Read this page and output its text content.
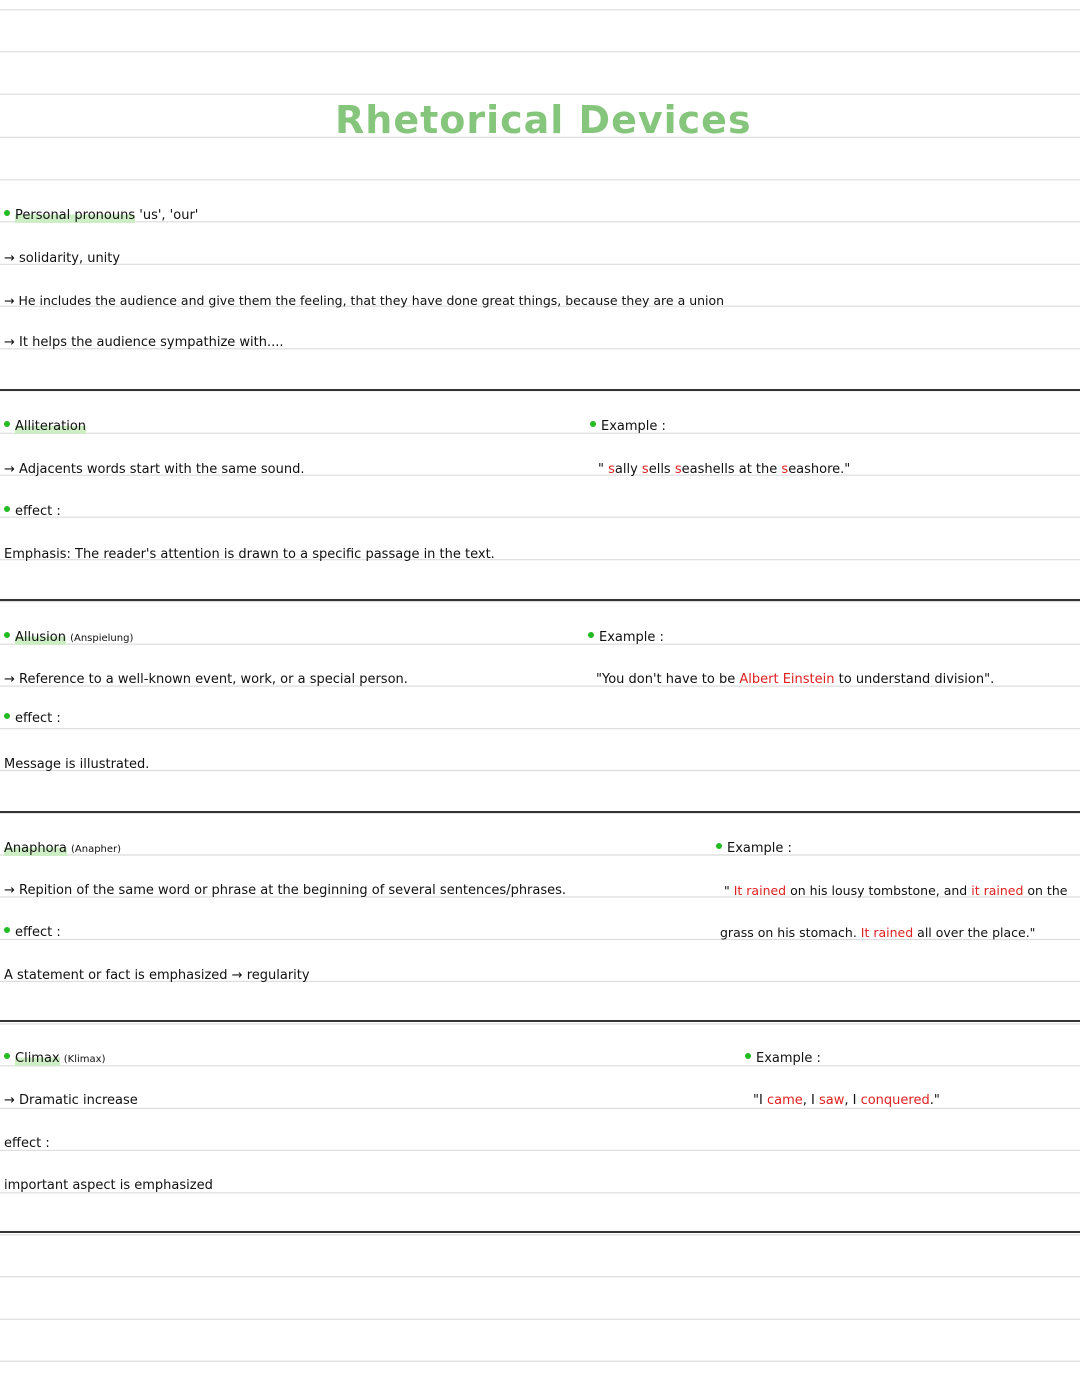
Rhetorical Devices
Personal pronouns 'us', 'our'
→ solidarity, unity
→ He includes the audience and give them the feeling, that they have done great things, because they are a union
→ It helps the audience sympathize with....
Alliteration
→ Adjacents words start with the same sound.
effect :
Emphasis: The reader's attention is drawn to a specific passage in the text.
Example :
" sally sells seashells at the seashore."
Allusion (Anspielung)
→ Reference to a well-known event, work, or a special person.
effect :
Message is illustrated.
Example :
"You don't have to be Albert Einstein to understand division".
Anaphora (Anapher)
→ Repition of the same word or phrase at the beginning of several sentences/phrases.
effect :
A statement or fact is emphasized → regularity
Example :
" It rained on his lousy tombstone, and it rained on the
grass on his stomach. It rained all over the place."
Climax (Klimax)
→ Dramatic increase
effect :
important aspect is emphasized
Example :
"I came, I saw, I conquered."
